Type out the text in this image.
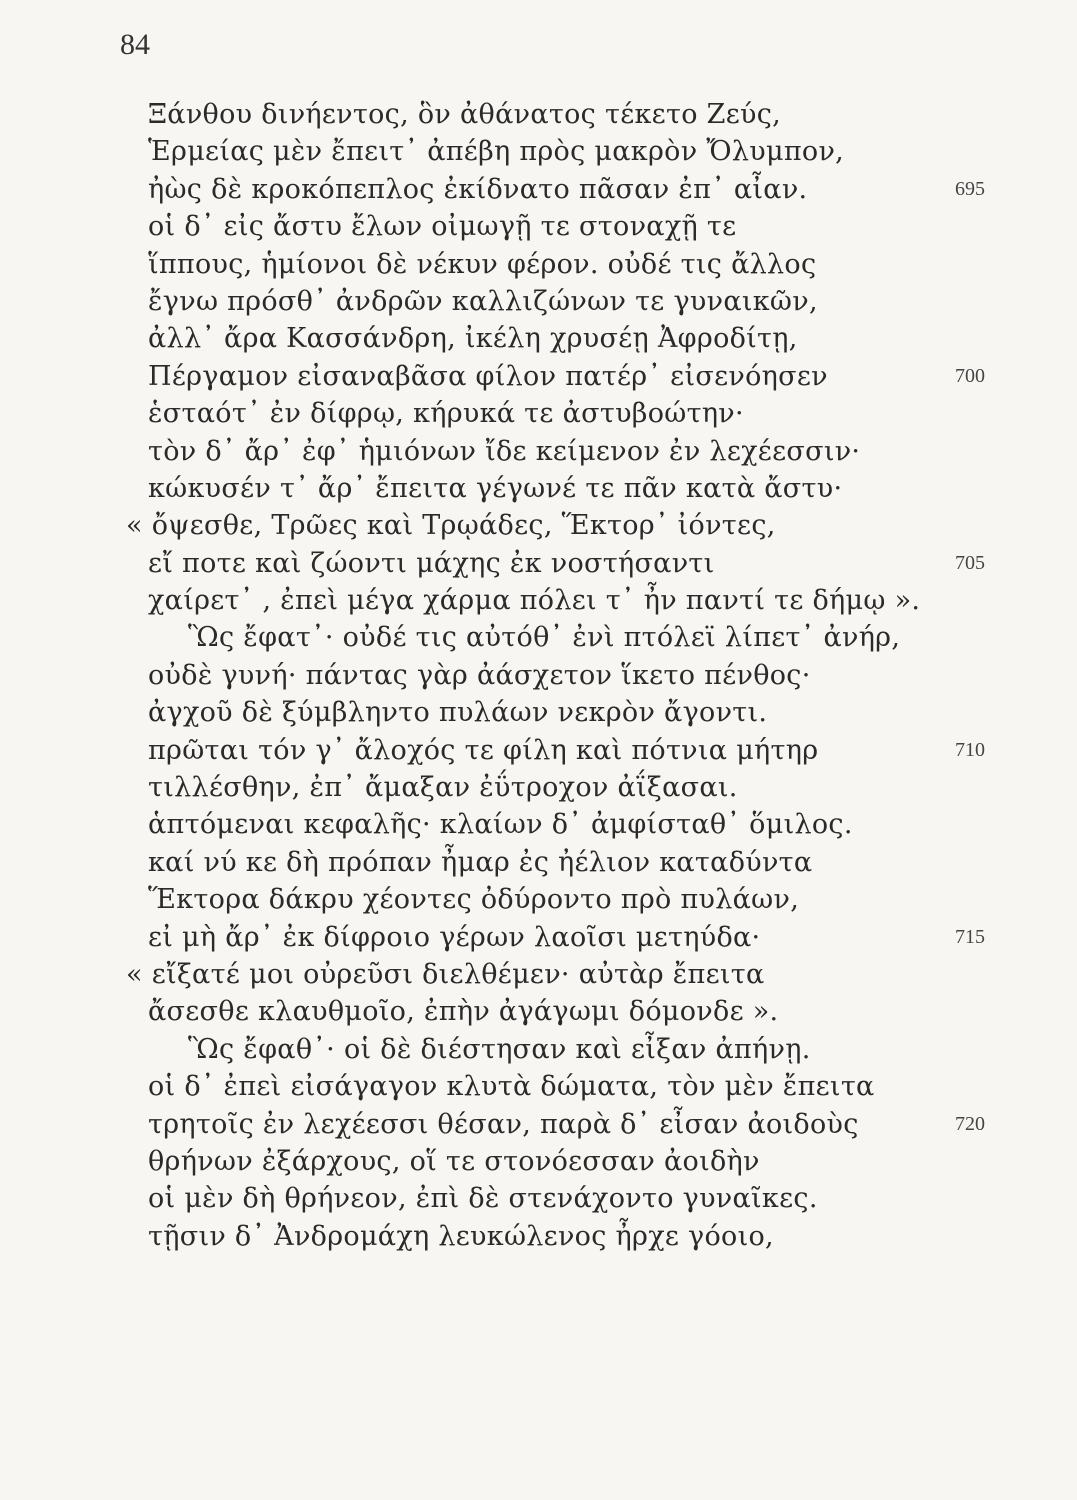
84
Ξάνθου δινήεντος, ὃν ἀθάνατος τέκετο Ζεύς,
Ἑρμείας μὲν ἔπειτ᾽ ἀπέβη πρὸς μακρὸν Ὄλυμπον,
ἠὼς δὲ κροκόπεπλος ἐκίδνατο πᾶσαν ἐπ᾽ αἶαν.	695
οἱ δ᾽ εἰς ἄστυ ἔλων οἰμωγῇ τε στοναχῇ τε
ἵππους, ἡμίονοι δὲ νέκυν φέρον. οὐδέ τις ἄλλος
ἔγνω πρόσθ᾽ ἀνδρῶν καλλιζώνων τε γυναικῶν,
ἀλλ᾽ ἄρα Κασσάνδρη, ἰκέλη χρυσέῃ Ἀφροδίτῃ,
Πέργαμον εἰσαναβᾶσα φίλον πατέρ᾽ εἰσενόησεν	700
ἑσταότ᾽ ἐν δίφρῳ, κήρυκά τε ἀστυβοώτην·
τὸν δ᾽ ἄρ᾽ ἐφ᾽ ἡμιόνων ἴδε κείμενον ἐν λεχέεσσιν·
κώκυσέν τ᾽ ἄρ᾽ ἔπειτα γέγωνέ τε πᾶν κατὰ ἄστυ·
« ὄψεσθε, Τρῶες καὶ Τρῳάδες, Ἕκτορ᾽ ἰόντες,
εἴ ποτε καὶ ζώοντι μάχης ἐκ νοστήσαντι	705
χαίρετ᾽ , ἐπεὶ μέγα χάρμα πόλει τ᾽ ἦν παντί τε δήμῳ ».
Ὣς ἔφατ᾽· οὐδέ τις αὐτόθ᾽ ἐνὶ πτόλεϊ λίπετ᾽ ἀνήρ,
οὐδὲ γυνή· πάντας γὰρ ἀάσχετον ἵκετο πένθος·
ἀγχοῦ δὲ ξύμβληντο πυλάων νεκρὸν ἄγοντι.
πρῶται τόν γ᾽ ἄλοχός τε φίλη καὶ πότνια μήτηρ	710
τιλλέσθην, ἐπ᾽ ἄμαξαν ἐΰτροχον ἀΐξασαι.
ἁπτόμεναι κεφαλῆς· κλαίων δ᾽ ἀμφίσταθ᾽ ὅμιλος.
καί νύ κε δὴ πρόπαν ἦμαρ ἐς ἠέλιον καταδύντα
Ἕκτορα δάκρυ χέοντες ὀδύροντο πρὸ πυλάων,
εἰ μὴ ἄρ᾽ ἐκ δίφροιο γέρων λαοῖσι μετηύδα·	715
« εἴξατέ μοι οὐρεῦσι διελθέμεν· αὐτὰρ ἔπειτα
ἄσεσθε κλαυθμοῖο, ἐπὴν ἀγάγωμι δόμονδε ».
Ὣς ἔφαθ᾽· οἱ δὲ διέστησαν καὶ εἶξαν ἀπήνῃ.
οἱ δ᾽ ἐπεὶ εἰσάγαγον κλυτὰ δώματα, τὸν μὲν ἔπειτα
τρητοῖς ἐν λεχέεσσι θέσαν, παρὰ δ᾽ εἶσαν ἀοιδοὺς	720
θρήνων ἐξάρχους, οἵ τε στονόεσσαν ἀοιδὴν
οἱ μὲν δὴ θρήνεον, ἐπὶ δὲ στενάχοντο γυναῖκες.
τῇσιν δ᾽ Ἀνδρομάχη λευκώλενος ἦρχε γόοιο,
